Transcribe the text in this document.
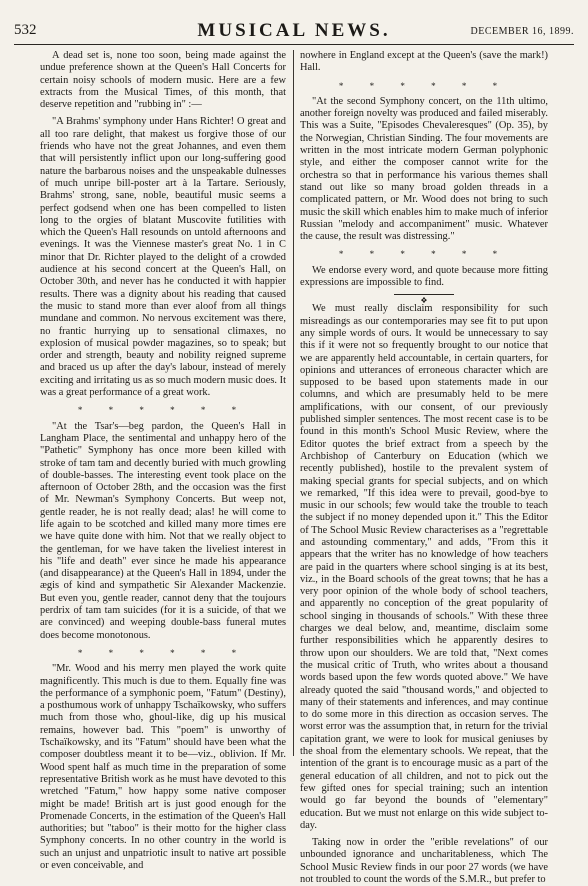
532	MUSICAL NEWS.	DECEMBER 16, 1899.

A dead set is, none too soon, being made against the undue preference shown at the Queen's Hall Concerts for certain noisy schools of modern music. Here are a few extracts from the Musical Times, of this month, that deserve repetition and "rubbing in" :—

"A Brahms' symphony under Hans Richter! O great and all too rare delight, that makest us forgive those of our friends who have not the great Johannes, and even them that will persistently inflict upon our long-suffering good nature the barbarous noises and the unspeakable dulnesses of much unripe bill-poster art à la Tartare. Seriously, Brahms' strong, sane, noble, beautiful music seems a perfect godsend when one has been compelled to listen long to the orgies of blatant Muscovite futilities with which the Queen's Hall resounds on untold afternoons and evenings. It was the Viennese master's great No. 1 in C minor that Dr. Richter played to the delight of a crowded audience at his second concert at the Queen's Hall, on October 30th, and never has he conducted it with happier results. There was a dignity about his reading that caused the music to stand more than ever aloof from all things mundane and common. No nervous excitement was there, no frantic hurrying up to sensational climaxes, no explosion of musical powder magazines, so to speak; but order and strength, beauty and nobility reigned supreme and braced us up after the day's labour, instead of merely exciting and irritating us as so much modern music does. It was a great performance of a great work.

* * * * * *

"At the Tsar's—beg pardon, the Queen's Hall in Langham Place, the sentimental and unhappy hero of the "Pathetic" Symphony has once more been killed with stroke of tam tam and decently buried with much growling of double-basses. The interesting event took place on the afternoon of October 28th, and the occasion was the first of Mr. Newman's Symphony Concerts. But weep not, gentle reader, he is not really dead; alas! he will come to life again to be scotched and killed many more times ere we have quite done with him. Not that we really object to the gentleman, for we have taken the liveliest interest in his "life and death" ever since he made his appearance (and disappearance) at the Queen's Hall in 1894, under the ægis of kind and sympathetic Sir Alexander Mackenzie. But even you, gentle reader, cannot deny that the toujours perdrix of tam tam suicides (for it is a suicide, of that we are convinced) and weeping double-bass funeral mutes does become monotonous.

* * * * * *

"Mr. Wood and his merry men played the work quite magnificently. This much is due to them. Equally fine was the performance of a symphonic poem, "Fatum" (Destiny), a posthumous work of unhappy Tschaïkowsky, who suffers much from those who, ghoul-like, dig up his musical remains, however bad. This "poem" is unworthy of Tschaïkowsky, and its "Fatum" should have been what the composer doubtless meant it to be—viz., oblivion. If Mr. Wood spent half as much time in the preparation of some representative British work as he must have devoted to this wretched "Fatum," how happy some native composer might be made! British art is just good enough for the Promenade Concerts, in the estimation of the Queen's Hall authorities; but "taboo" is their motto for the higher class Symphony concerts. In no other country in the world is such an unjust and unpatriotic insult to native art possible or even conceivable, and

nowhere in England except at the Queen's (save the mark!) Hall.

* * * * * *

"At the second Symphony concert, on the 11th ultimo, another foreign novelty was produced and failed miserably. This was a Suite, "Episodes Chevaleresques" (Op. 35), by the Norwegian, Christian Sinding. The four movements are written in the most intricate modern German polyphonic style, and either the composer cannot write for the orchestra so that in performance his various themes shall stand out like so many broad golden threads in a complicated pattern, or Mr. Wood does not bring to such music the skill which enables him to make much of inferior Russian "melody and accompaniment" music. Whatever the cause, the result was distressing."

* * * * * *

We endorse every word, and quote because more fitting expressions are impossible to find.

❖

We must really disclaim responsibility for such misreadings as our contemporaries may see fit to put upon any simple words of ours. It would be unnecessary to say this if it were not so frequently brought to our notice that we are apparently held accountable, in certain quarters, for opinions and utterances of erroneous character which are supposed to be based upon statements made in our columns, and which are presumably held to be mere amplifications, with our consent, of our previously published simpler sentences. The most recent case is to be found in this month's School Music Review, where the Editor quotes the brief extract from a speech by the Archbishop of Canterbury on Education (which we recently published), hostile to the prevalent system of making special grants for special subjects, and on which we remarked, "If this idea were to prevail, good-bye to music in our schools; few would take the trouble to teach the subject if no money depended upon it." This the Editor of The School Music Review characterises as a "regrettable and astounding commentary," and adds, "From this it appears that the writer has no knowledge of how teachers are paid in the quarters where school singing is at its best, viz., in the Board schools of the great towns; that he has a very poor opinion of the whole body of school teachers, and apparently no conception of the great popularity of school singing in thousands of schools." With these three charges we deal below, and, meantime, disclaim some further responsibilities which he apparently desires to throw upon our shoulders. We are told that, "Next comes the musical critic of Truth, who writes about a thousand words based upon the few words quoted above." We have already quoted the said "thousand words," and objected to many of their statements and inferences, and may continue to do some more in this direction as occasion serves. The worst error was the assumption that, in return for the trivial capitation grant, we were to look for musical geniuses by the shoal from the elementary schools. We repeat, that the intention of the grant is to encourage music as a part of the general education of all children, and not to pick out the few gifted ones for special training; such an intention would go far beyond the bounds of "elementary" education. But we must not enlarge on this wide subject to-day.

Taking now in order the "erible revelations" of our unbounded ignorance and uncharitableness, which The School Music Review finds in our poor 27 words (we have not troubled to count the words of the S.M.R., but prefer to
